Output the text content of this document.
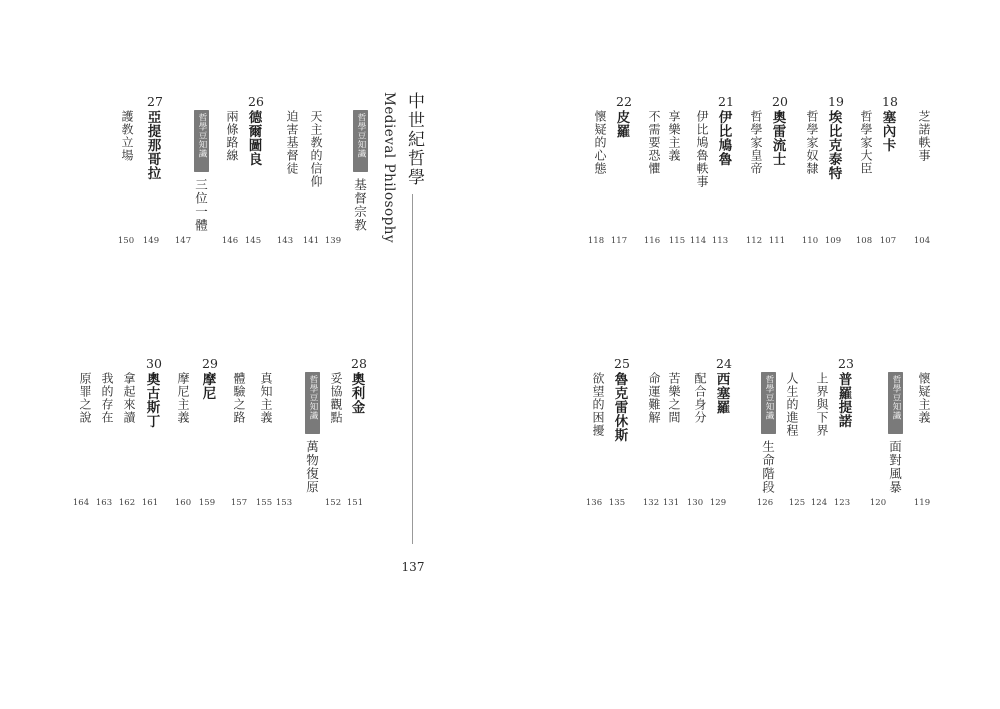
中世紀哲學
Medieval Philosophy
137
芝諾軼事
104
18
塞內卡
107
哲學家大臣
108
19
埃比克泰特
109
哲學家奴隸
110
20
奧雷流士
111
哲學家皇帝
112
21
伊比鳩魯
113
伊比鳩魯軼事
114
享樂主義
115
不需要恐懼
116
22
皮羅
117
懷疑的心態
118
懷疑主義
119
哲學豆知識
面對風暴
120
23
普羅提諾
123
上界與下界
124
人生的進程
125
哲學豆知識
生命階段
126
24
西塞羅
129
配合身分
130
苦樂之間
131
命運難解
132
25
魯克雷休斯
135
欲望的困擾
136
哲學豆知識
基督宗教
139
天主教的信仰
141
迫害基督徒
143
26
德爾圖良
145
兩條路線
146
哲學豆知識
三位一體
147
27
亞提那哥拉
149
護教立場
150
28
奧利金
151
妥協觀點
152
哲學豆知識
萬物復原
153
真知主義
155
體驗之路
157
29
摩尼
159
摩尼主義
160
30
奧古斯丁
161
拿起來讀
162
我的存在
163
原罪之說
164
